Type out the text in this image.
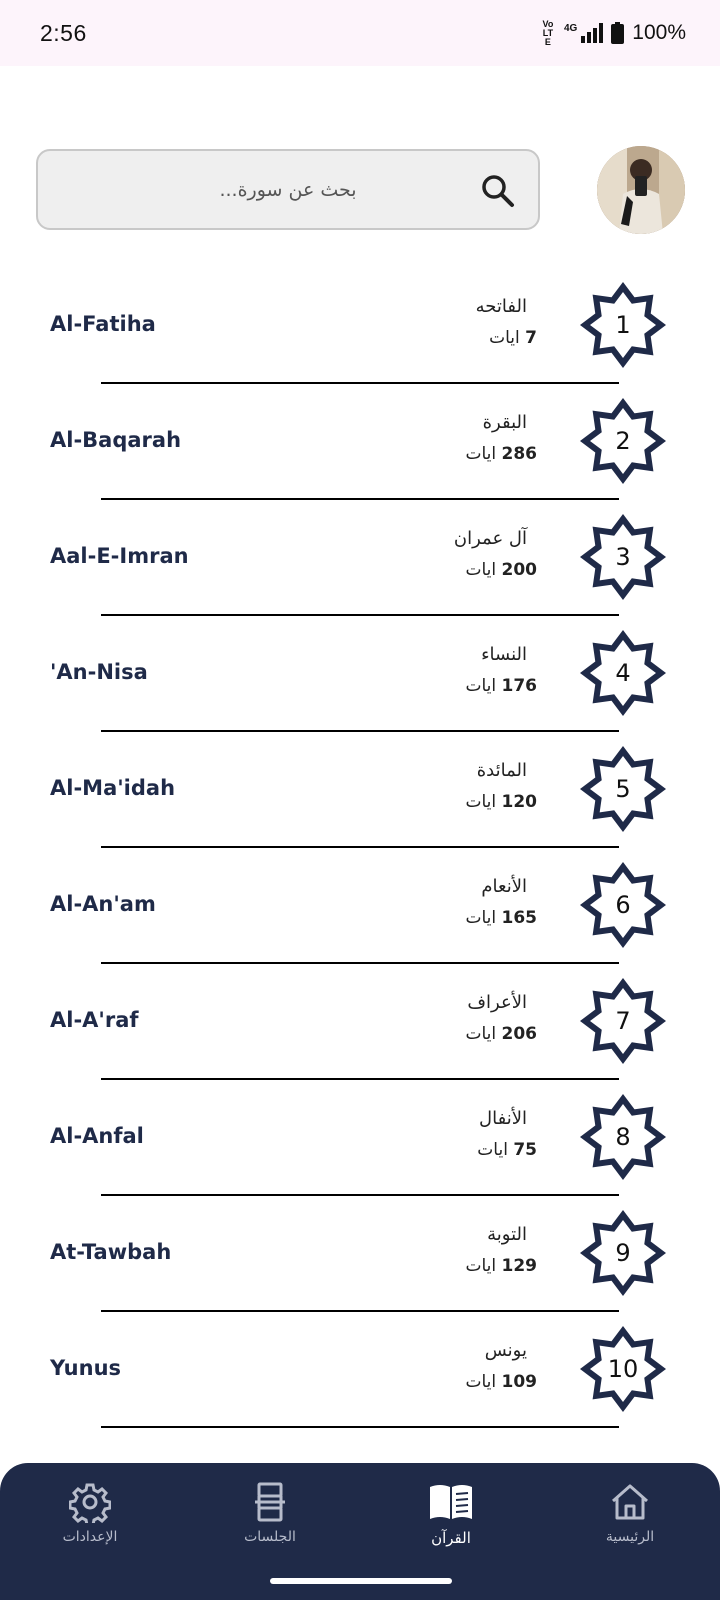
2:56	Vo LTE
4G	100%
بحث عن سورة...
Al-Fatiha
الفاتحه
7 ايات	1
Al-Baqarah
البقرة
286 ايات	2
Aal-E-Imran
آل عمران
200 ايات	3
'An-Nisa
النساء
176 ايات	4
Al-Ma'idah
المائدة
120 ايات	5
Al-An'am
الأنعام
165 ايات	6
Al-A'raf
الأعراف
206 ايات	7
Al-Anfal
الأنفال
75 ايات	8
At-Tawbah
التوبة
129 ايات	9
Yunus
يونس
109 ايات	10
الإعدادات	الجلسات	القرآن	الرئيسية
